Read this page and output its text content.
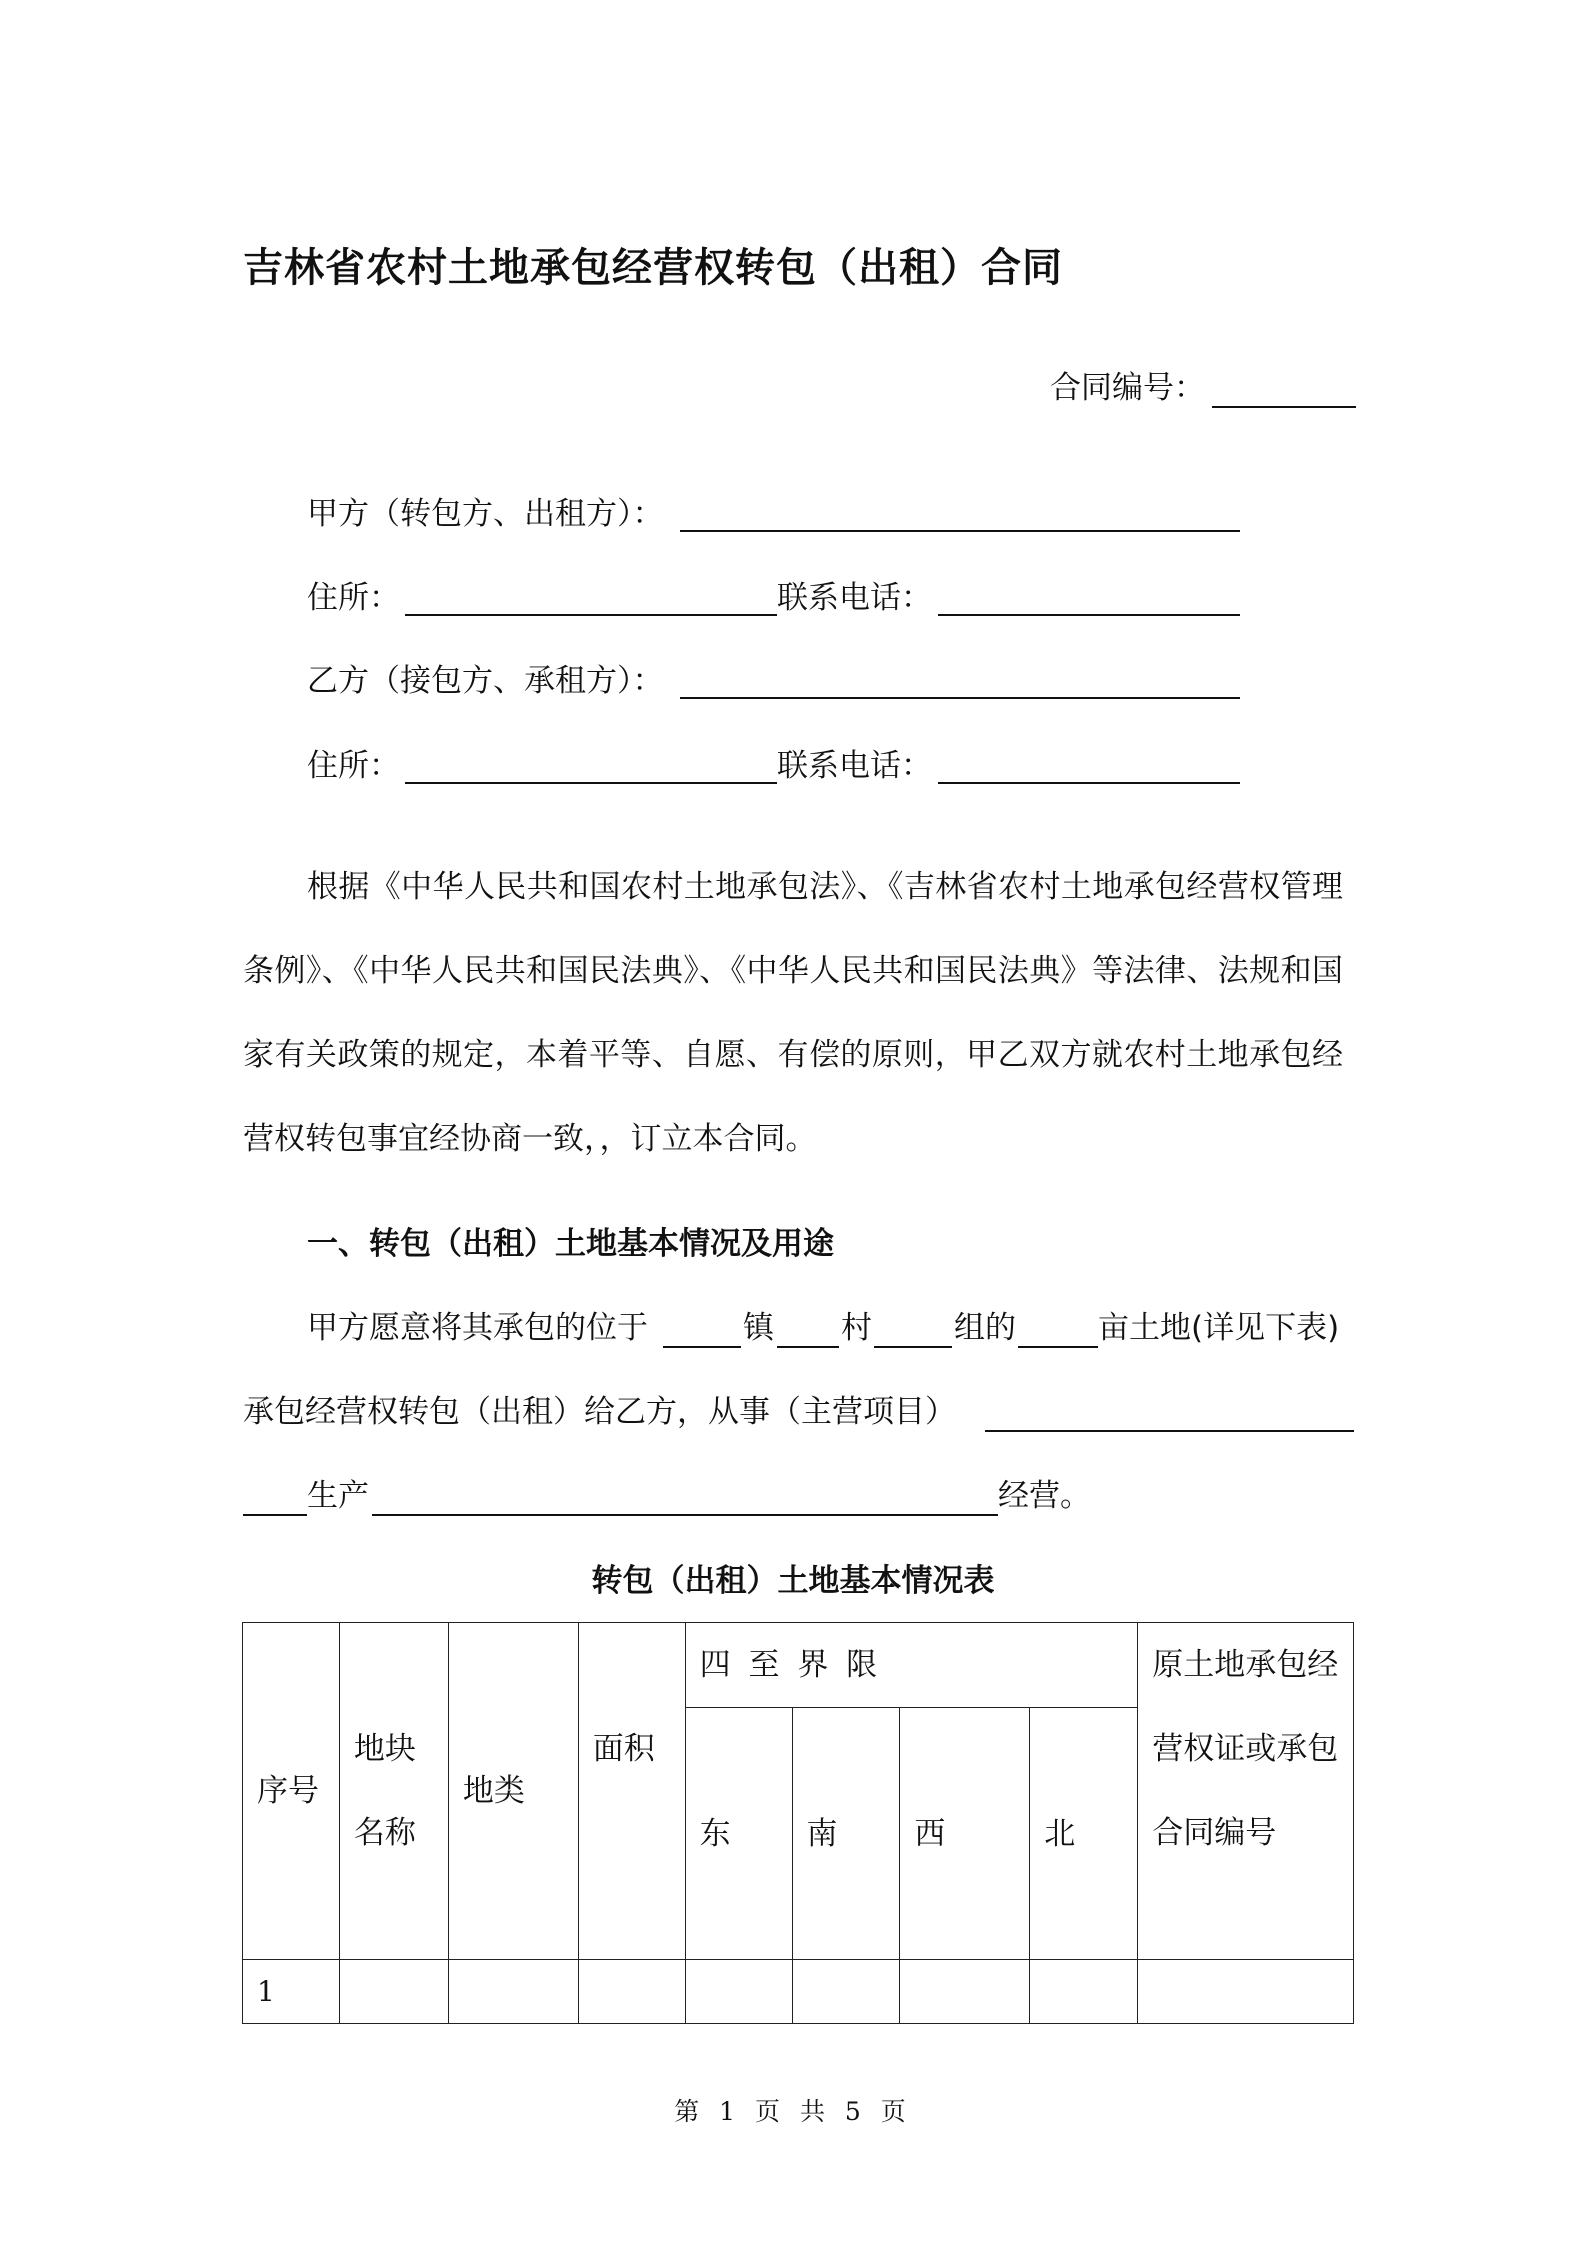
吉林省农村土地承包经营权转包（出租）合同
合同编号：
甲方（转包方、出租方）：
住所：	联系电话：
乙方（接包方、承租方）：
住所：	联系电话：
根据《中华人民共和国农村土地承包法》、《吉林省农村土地承包经营权管理条例》、《中华人民共和国民法典》、《中华人民共和国民法典》等法律、法规和国家有关政策的规定，本着平等、自愿、有偿的原则，甲乙双方就农村土地承包经营权转包事宜经协商一致，，订立本合同。
一、转包（出租）土地基本情况及用途
甲方愿意将其承包的位于	镇 村	组的	亩土地(详见下表)
承包经营权转包（出租）给乙方，从事（主营项目）
生产	经营。
转包（出租）土地基本情况表
序号	地块名称	地类	面积	四 至 界 限				原土地承包经营权证或承包合同编号
				东	南	西	北	
1								
第 1 页 共 5 页
